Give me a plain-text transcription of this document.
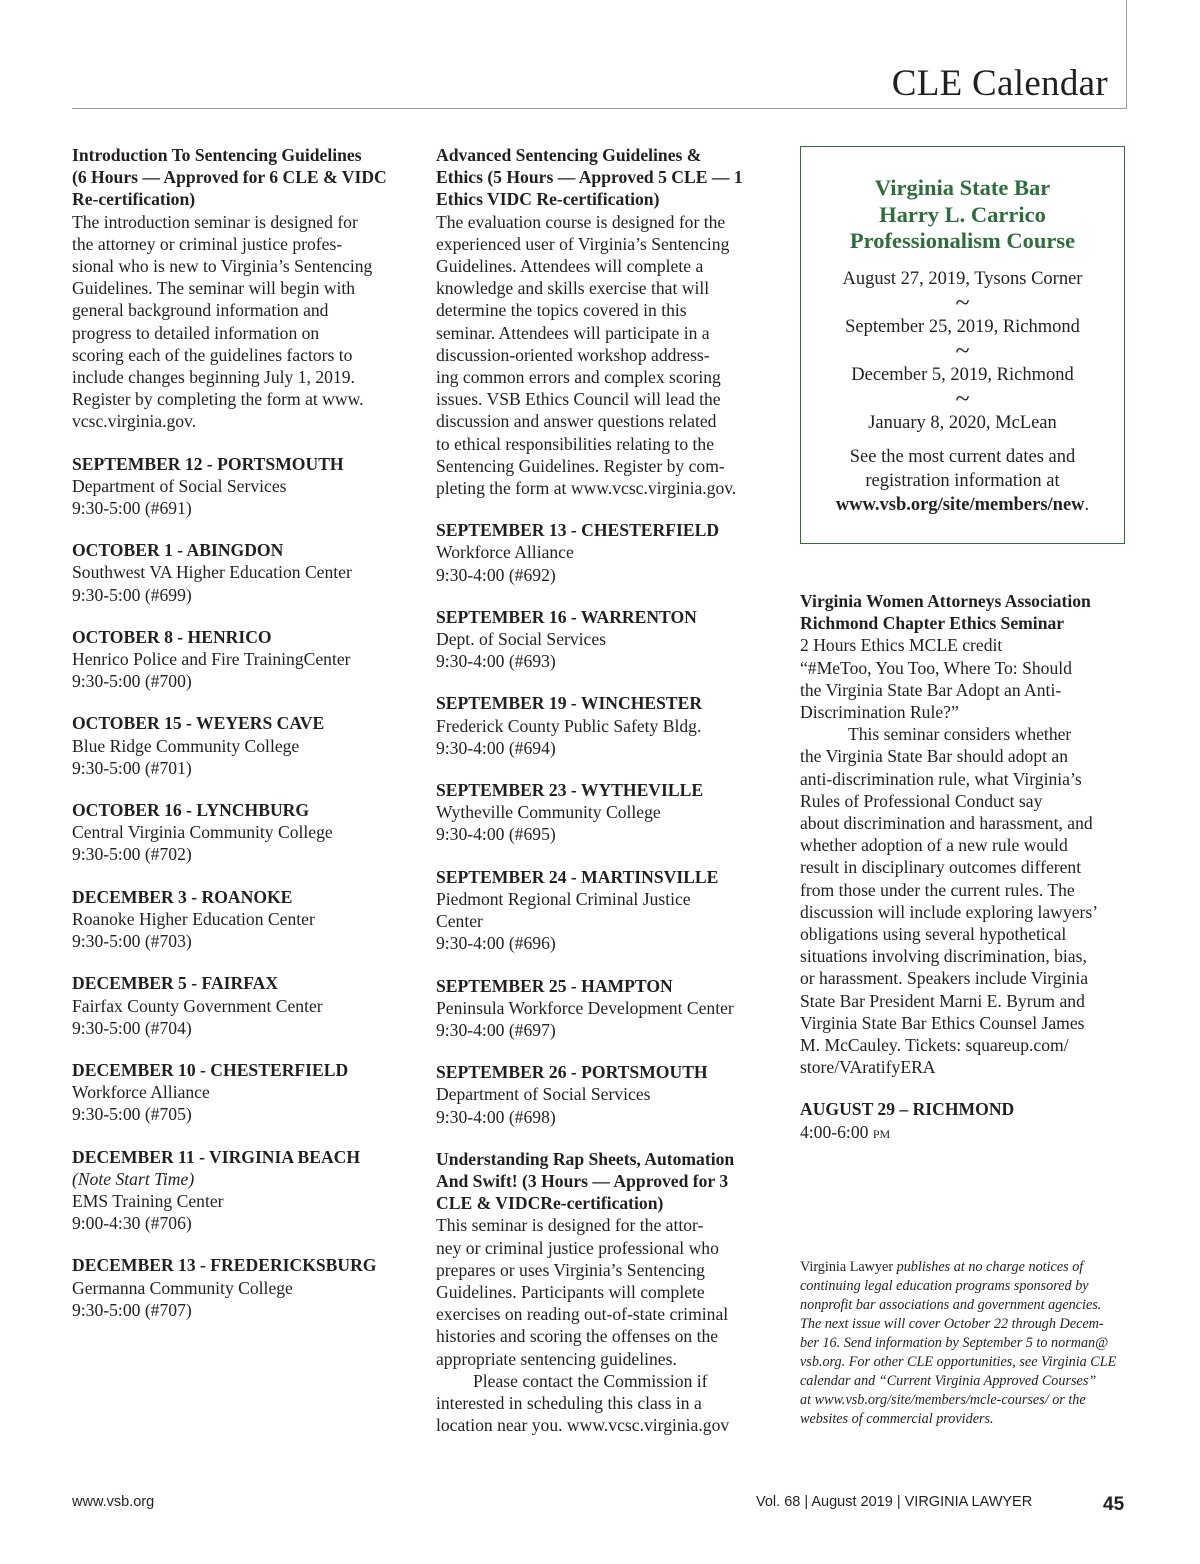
CLE Calendar

Introduction To Sentencing Guidelines
(6 Hours — Approved for 6 CLE & VIDC
Re-certification)

The introduction seminar is designed for
the attorney or criminal justice profes-
sional who is new to Virginia’s Sentencing
Guidelines. The seminar will begin with
general background information and
progress to detailed information on
scoring each of the guidelines factors to
include changes beginning July 1, 2019.
Register by completing the form at www.
vcsc.virginia.gov.

SEPTEMBER 12 - PORTSMOUTH
Department of Social Services
9:30-5:00 (#691)
OCTOBER 1 - ABINGDON
Southwest VA Higher Education Center
9:30-5:00 (#699)
OCTOBER 8 - HENRICO
Henrico Police and Fire TrainingCenter
9:30-5:00 (#700)
OCTOBER 15 - WEYERS CAVE
Blue Ridge Community College
9:30-5:00 (#701)
OCTOBER 16 - LYNCHBURG
Central Virginia Community College
9:30-5:00 (#702)
DECEMBER 3 - ROANOKE
Roanoke Higher Education Center
9:30-5:00 (#703)
DECEMBER 5 - FAIRFAX
Fairfax County Government Center
9:30-5:00 (#704)
DECEMBER 10 - CHESTERFIELD
Workforce Alliance
9:30-5:00 (#705)
DECEMBER 11 - VIRGINIA BEACH
(Note Start Time)
EMS Training Center
9:00-4:30 (#706)
DECEMBER 13 - FREDERICKSBURG
Germanna Community College
9:30-5:00 (#707)

Advanced Sentencing Guidelines &
Ethics (5 Hours — Approved 5 CLE — 1
Ethics VIDC Re-certification)

The evaluation course is designed for the
experienced user of Virginia’s Sentencing
Guidelines. Attendees will complete a
knowledge and skills exercise that will
determine the topics covered in this
seminar. Attendees will participate in a
discussion-oriented workshop address-
ing common errors and complex scoring
issues. VSB Ethics Council will lead the
discussion and answer questions related
to ethical responsibilities relating to the
Sentencing Guidelines. Register by com-
pleting the form at www.vcsc.virginia.gov.

SEPTEMBER 13 - CHESTERFIELD
Workforce Alliance
9:30-4:00 (#692)
SEPTEMBER 16 - WARRENTON
Dept. of Social Services
9:30-4:00 (#693)
SEPTEMBER 19 - WINCHESTER
Frederick County Public Safety Bldg.
9:30-4:00 (#694)
SEPTEMBER 23 - WYTHEVILLE
Wytheville Community College
9:30-4:00 (#695)
SEPTEMBER 24 - MARTINSVILLE
Piedmont Regional Criminal Justice
Center
9:30-4:00 (#696)
SEPTEMBER 25 - HAMPTON
Peninsula Workforce Development Center
9:30-4:00 (#697)
SEPTEMBER 26 - PORTSMOUTH
Department of Social Services
9:30-4:00 (#698)

Understanding Rap Sheets, Automation
And Swift! (3 Hours — Approved for 3
CLE & VIDCRe-certification)

This seminar is designed for the attor-
ney or criminal justice professional who
prepares or uses Virginia’s Sentencing
Guidelines. Participants will complete
exercises on reading out-of-state criminal
histories and scoring the offenses on the
appropriate sentencing guidelines.

Please contact the Commission if
interested in scheduling this class in a
location near you. www.vcsc.virginia.gov

Virginia State Bar
Harry L. Carrico
Professionalism Course
August 27, 2019, Tysons Corner
~
September 25, 2019, Richmond
~
December 5, 2019, Richmond
~
January 8, 2020, McLean
See the most current dates and
registration information at
www.vsb.org/site/members/new.

Virginia Women Attorneys Association
Richmond Chapter Ethics Seminar

2 Hours Ethics MCLE credit

“#MeToo, You Too, Where To: Should
the Virginia State Bar Adopt an Anti-
Discrimination Rule?”

This seminar considers whether
the Virginia State Bar should adopt an
anti-discrimination rule, what Virginia’s
Rules of Professional Conduct say
about discrimination and harassment, and
whether adoption of a new rule would
result in disciplinary outcomes different
from those under the current rules. The
discussion will include exploring lawyers’
obligations using several hypothetical
situations involving discrimination, bias,
or harassment. Speakers include Virginia
State Bar President Marni E. Byrum and
Virginia State Bar Ethics Counsel James
M. McCauley. Tickets: squareup.com/
store/VAratifyERA

AUGUST 29 – RICHMOND
4:00-6:00 pm
Virginia Lawyer publishes at no charge notices of
continuing legal education programs sponsored by
nonprofit bar associations and government agencies.
The next issue will cover October 22 through Decem-
ber 16. Send information by September 5 to norman@
vsb.org. For other CLE opportunities, see Virginia CLE
calendar and “Current Virginia Approved Courses”
at www.vsb.org/site/members/mcle-courses/ or the
websites of commercial providers.
www.vsb.org	Vol. 68 | August 2019 | VIRGINIA LAWYER	45
